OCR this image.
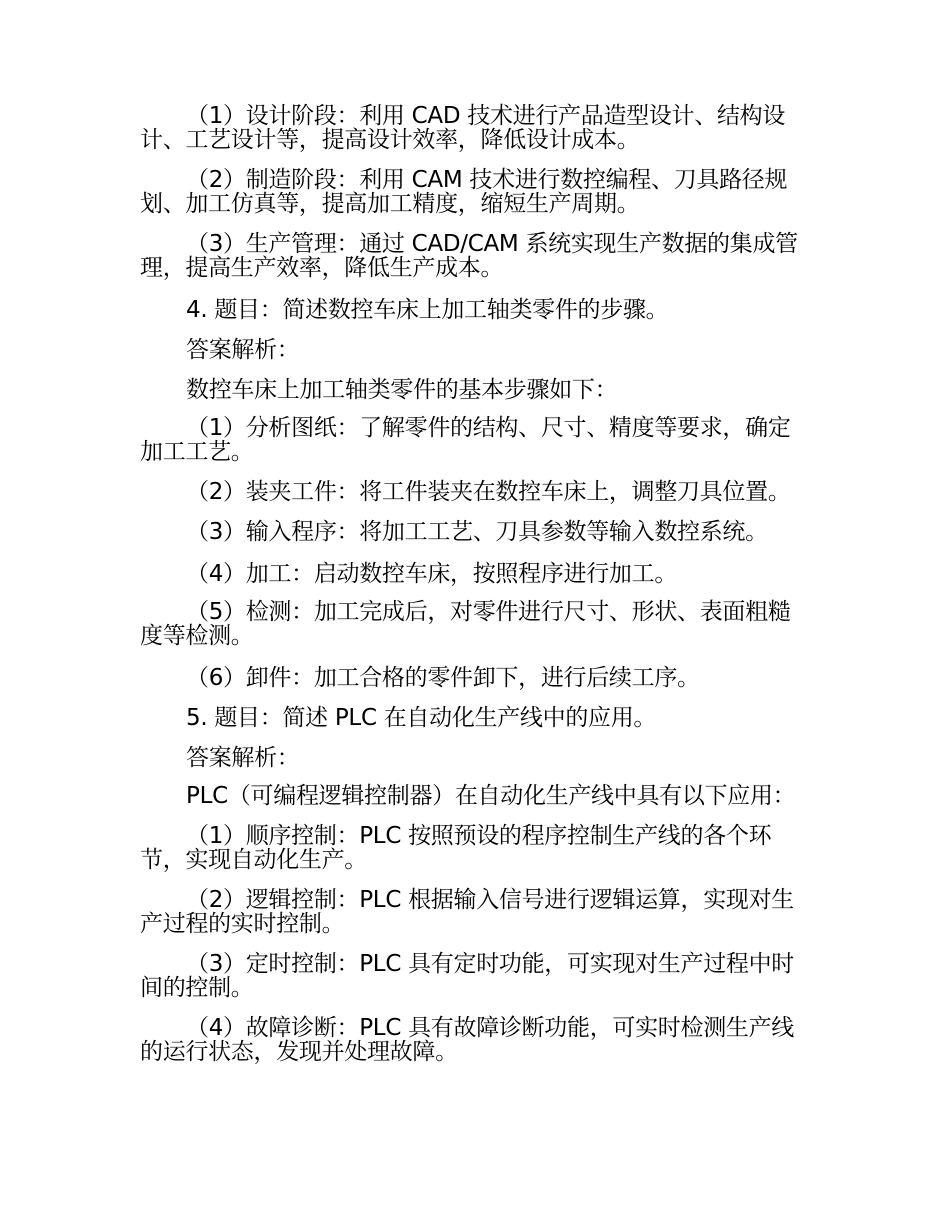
（1）设计阶段：利用 CAD 技术进行产品造型设计、结构设计、工艺设计等，提高设计效率，降低设计成本。

（2）制造阶段：利用 CAM 技术进行数控编程、刀具路径规划、加工仿真等，提高加工精度，缩短生产周期。

（3）生产管理：通过 CAD/CAM 系统实现生产数据的集成管理，提高生产效率，降低生产成本。

4. 题目：简述数控车床上加工轴类零件的步骤。

答案解析：

数控车床上加工轴类零件的基本步骤如下：

（1）分析图纸：了解零件的结构、尺寸、精度等要求，确定加工工艺。

（2）装夹工件：将工件装夹在数控车床上，调整刀具位置。

（3）输入程序：将加工工艺、刀具参数等输入数控系统。

（4）加工：启动数控车床，按照程序进行加工。

（5）检测：加工完成后，对零件进行尺寸、形状、表面粗糙度等检测。

（6）卸件：加工合格的零件卸下，进行后续工序。

5. 题目：简述 PLC 在自动化生产线中的应用。

答案解析：

PLC（可编程逻辑控制器）在自动化生产线中具有以下应用：

（1）顺序控制：PLC 按照预设的程序控制生产线的各个环节，实现自动化生产。

（2）逻辑控制：PLC 根据输入信号进行逻辑运算，实现对生产过程的实时控制。

（3）定时控制：PLC 具有定时功能，可实现对生产过程中时间的控制。

（4）故障诊断：PLC 具有故障诊断功能，可实时检测生产线的运行状态，发现并处理故障。
